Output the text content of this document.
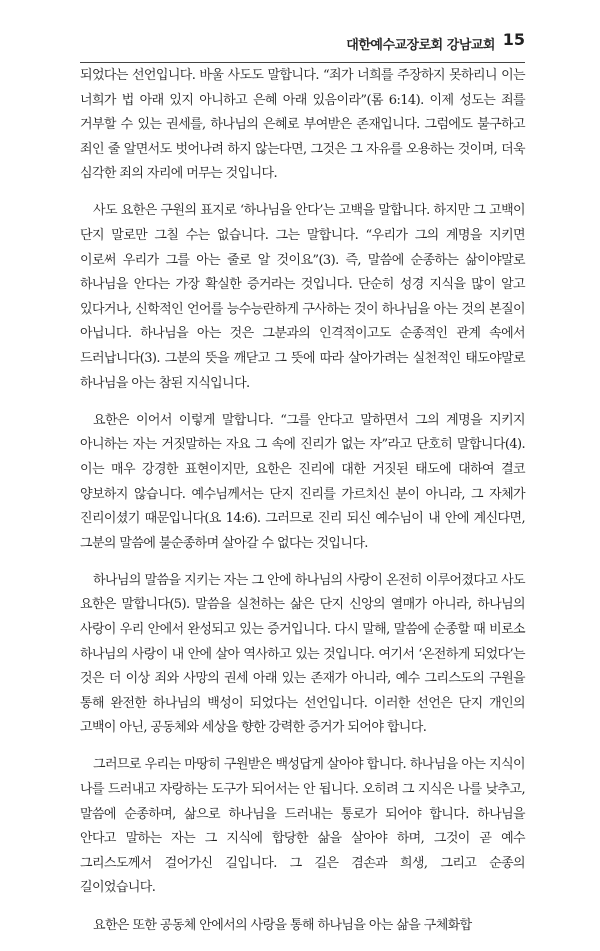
대한예수교장로회 강남교회 15

되었다는 선언입니다. 바울 사도도 말합니다. “죄가 너희를 주장하지 못하리니 이는 너희가 법 아래 있지 아니하고 은혜 아래 있음이라”(롬 6:14). 이제 성도는 죄를 거부할 수 있는 권세를, 하나님의 은혜로 부여받은 존재입니다. 그럼에도 불구하고 죄인 줄 알면서도 벗어나려 하지 않는다면, 그것은 그 자유를 오용하는 것이며, 더욱 심각한 죄의 자리에 머무는 것입니다.

사도 요한은 구원의 표지로 ‘하나님을 안다’는 고백을 말합니다. 하지만 그 고백이 단지 말로만 그칠 수는 없습니다. 그는 말합니다. “우리가 그의 계명을 지키면 이로써 우리가 그를 아는 줄로 알 것이요”(3). 즉, 말씀에 순종하는 삶이야말로 하나님을 안다는 가장 확실한 증거라는 것입니다. 단순히 성경 지식을 많이 알고 있다거나, 신학적인 언어를 능수능란하게 구사하는 것이 하나님을 아는 것의 본질이 아닙니다. 하나님을 아는 것은 그분과의 인격적이고도 순종적인 관계 속에서 드러납니다(3). 그분의 뜻을 깨닫고 그 뜻에 따라 살아가려는 실천적인 태도야말로 하나님을 아는 참된 지식입니다.

요한은 이어서 이렇게 말합니다. “그를 안다고 말하면서 그의 계명을 지키지 아니하는 자는 거짓말하는 자요 그 속에 진리가 없는 자”라고 단호히 말합니다(4). 이는 매우 강경한 표현이지만, 요한은 진리에 대한 거짓된 태도에 대하여 결코 양보하지 않습니다. 예수님께서는 단지 진리를 가르치신 분이 아니라, 그 자체가 진리이셨기 때문입니다(요 14:6). 그러므로 진리 되신 예수님이 내 안에 계신다면, 그분의 말씀에 불순종하며 살아갈 수 없다는 것입니다.

하나님의 말씀을 지키는 자는 그 안에 하나님의 사랑이 온전히 이루어졌다고 사도 요한은 말합니다(5). 말씀을 실천하는 삶은 단지 신앙의 열매가 아니라, 하나님의 사랑이 우리 안에서 완성되고 있는 증거입니다. 다시 말해, 말씀에 순종할 때 비로소 하나님의 사랑이 내 안에 살아 역사하고 있는 것입니다. 여기서 ‘온전하게 되었다’는 것은 더 이상 죄와 사망의 권세 아래 있는 존재가 아니라, 예수 그리스도의 구원을 통해 완전한 하나님의 백성이 되었다는 선언입니다. 이러한 선언은 단지 개인의 고백이 아닌, 공동체와 세상을 향한 강력한 증거가 되어야 합니다.

그러므로 우리는 마땅히 구원받은 백성답게 살아야 합니다. 하나님을 아는 지식이 나를 드러내고 자랑하는 도구가 되어서는 안 됩니다. 오히려 그 지식은 나를 낮추고, 말씀에 순종하며, 삶으로 하나님을 드러내는 통로가 되어야 합니다. 하나님을 안다고 말하는 자는 그 지식에 합당한 삶을 살아야 하며, 그것이 곧 예수 그리스도께서 걸어가신 길입니다. 그 길은 겸손과 희생, 그리고 순종의 길이었습니다.

요한은 또한 공동체 안에서의 사랑을 통해 하나님을 아는 삶을 구체화합
